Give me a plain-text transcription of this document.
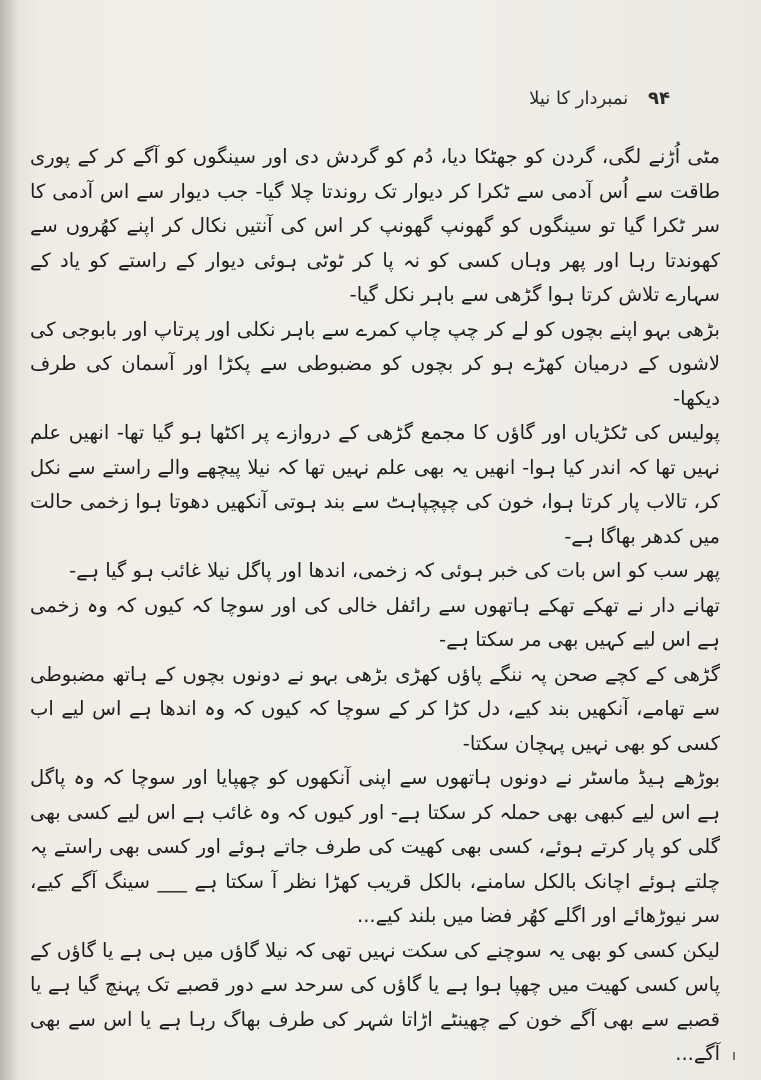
۹۴ نمبردار کا نیلا

مٹی اُڑنے لگی، گردن کو جھٹکا دیا، دُم کو گردش دی اور سینگوں کو آگے کر کے پوری طاقت سے اُس آدمی سے ٹکرا کر دیوار تک روندتا چلا گیا- جب دیوار سے اس آدمی کا سر ٹکرا گیا تو سینگوں کو گھونپ گھونپ کر اس کی آنتیں نکال کر اپنے کھُروں سے کھوندتا رہا اور پھر وہاں کسی کو نہ پا کر ٹوٹی ہوئی دیوار کے راستے کو یاد کے سہارے تلاش کرتا ہوا گڑھی سے باہر نکل گیا-

بڑھی بہو اپنے بچوں کو لے کر چپ چاپ کمرے سے باہر نکلی اور پرتاپ اور بابوجی کی لاشوں کے درمیان کھڑے ہو کر بچوں کو مضبوطی سے پکڑا اور آسمان کی طرف دیکھا-

پولیس کی ٹکڑیاں اور گاؤں کا مجمع گڑھی کے دروازے پر اکٹھا ہو گیا تھا- انھیں علم نہیں تھا کہ اندر کیا ہوا- انھیں یہ بھی علم نہیں تھا کہ نیلا پیچھے والے راستے سے نکل کر، تالاب پار کرتا ہوا، خون کی چپچپاہٹ سے بند ہوتی آنکھیں دھوتا ہوا زخمی حالت میں کدھر بھاگا ہے-

پھر سب کو اس بات کی خبر ہوئی کہ زخمی، اندھا اور پاگل نیلا غائب ہو گیا ہے-

تھانے دار نے تھکے تھکے ہاتھوں سے رائفل خالی کی اور سوچا کہ کیوں کہ وہ زخمی ہے اس لیے کہیں بھی مر سکتا ہے-

گڑھی کے کچے صحن پہ ننگے پاؤں کھڑی بڑھی بہو نے دونوں بچوں کے ہاتھ مضبوطی سے تھامے، آنکھیں بند کیے، دل کڑا کر کے سوچا کہ کیوں کہ وہ اندھا ہے اس لیے اب کسی کو بھی نہیں پہچان سکتا-

بوڑھے ہیڈ ماسٹر نے دونوں ہاتھوں سے اپنی آنکھوں کو چھپایا اور سوچا کہ وہ پاگل ہے اس لیے کبھی بھی حملہ کر سکتا ہے- اور کیوں کہ وہ غائب ہے اس لیے کسی بھی گلی کو پار کرتے ہوئے، کسی بھی کھیت کی طرف جاتے ہوئے اور کسی بھی راستے پہ چلتے ہوئے اچانک بالکل سامنے، بالکل قریب کھڑا نظر آ سکتا ہے ___ سینگ آگے کیے، سر نیوڑھائے اور اگلے کھُر فضا میں بلند کیے...

لیکن کسی کو بھی یہ سوچنے کی سکت نہیں تھی کہ نیلا گاؤں میں ہی ہے یا گاؤں کے پاس کسی کھیت میں چھپا ہوا ہے یا گاؤں کی سرحد سے دور قصبے تک پہنچ گیا ہے یا قصبے سے بھی آگے خون کے چھینٹے اڑاتا شہر کی طرف بھاگ رہا ہے یا اس سے بھی آگے...
